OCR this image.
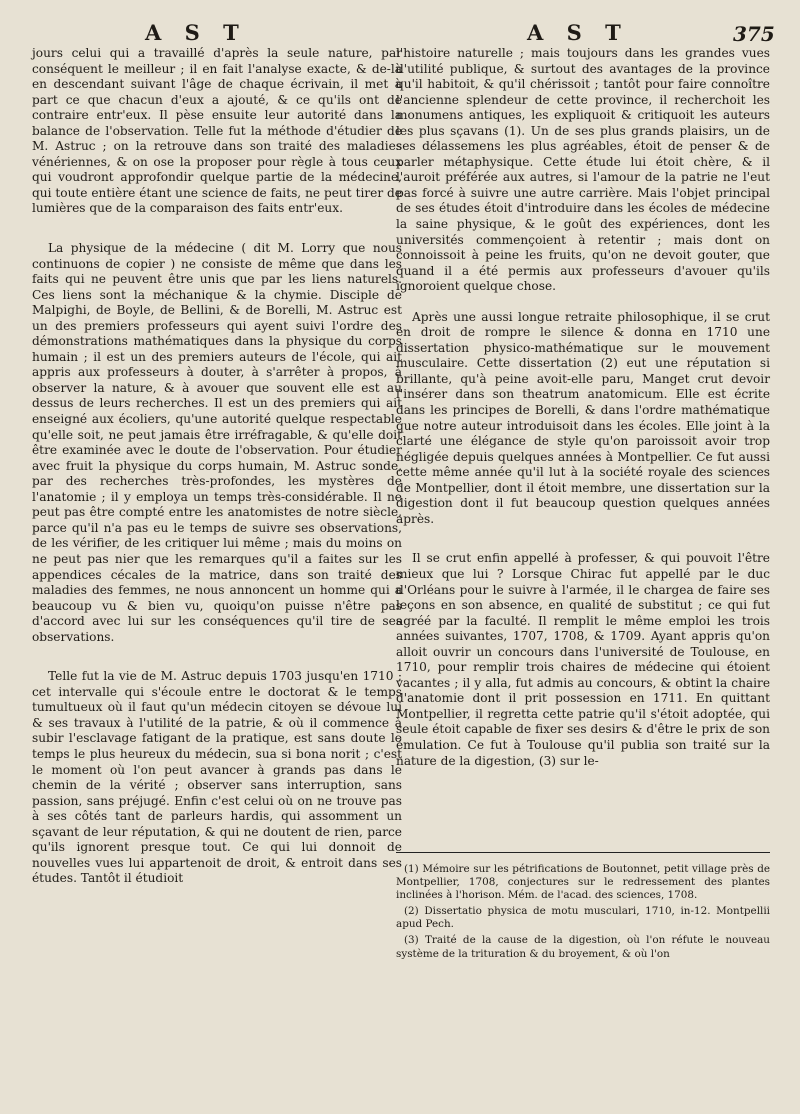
A S T	A S T	375

jours celui qui a travaillé d'après la seule nature, par conséquent le meilleur ; il en fait l'analyse exacte, & de-là en descendant suivant l'âge de chaque écrivain, il met à part ce que chacun d'eux a ajouté, & ce qu'ils ont de contraire entr'eux. Il pèse ensuite leur autorité dans la balance de l'observation. Telle fut la méthode d'étudier de M. Astruc ; on la retrouve dans son traité des maladies vénériennes, & on ose la proposer pour règle à tous ceux qui voudront approfondir quelque partie de la médecine, qui toute entière étant une science de faits, ne peut tirer de lumières que de la comparaison des faits entr'eux.

La physique de la médecine ( dit M. Lorry que nous continuons de copier ) ne consiste de même que dans les faits qui ne peuvent être unis que par les liens naturels. Ces liens sont la méchanique & la chymie. Disciple de Malpighi, de Boyle, de Bellini, & de Borelli, M. Astruc est un des premiers professeurs qui ayent suivi l'ordre des démonstrations mathématiques dans la physique du corps humain ; il est un des premiers auteurs de l'école, qui ait appris aux professeurs à douter, à s'arrêter à propos, à observer la nature, & à avouer que souvent elle est au dessus de leurs recherches. Il est un des premiers qui ait enseigné aux écoliers, qu'une autorité quelque respectable qu'elle soit, ne peut jamais être irréfragable, & qu'elle doit être examinée avec le doute de l'observation. Pour étudier avec fruit la physique du corps humain, M. Astruc sonde, par des recherches très-profondes, les mystères de l'anatomie ; il y employa un temps très-considérable. Il ne peut pas être compté entre les anatomistes de notre siècle, parce qu'il n'a pas eu le temps de suivre ses observations, de les vérifier, de les critiquer lui même ; mais du moins on ne peut pas nier que les remarques qu'il a faites sur les appendices cécales de la matrice, dans son traité des maladies des femmes, ne nous annoncent un homme qui a beaucoup vu & bien vu, quoiqu'on puisse n'être pas d'accord avec lui sur les conséquences qu'il tire de ses observations.

Telle fut la vie de M. Astruc depuis 1703 jusqu'en 1710 ; cet intervalle qui s'écoule entre le doctorat & le temps tumultueux où il faut qu'un médecin citoyen se dévoue lui & ses travaux à l'utilité de la patrie, & où il commence à subir l'esclavage fatigant de la pratique, est sans doute le temps le plus heureux du médecin, sua si bona norit ; c'est le moment où l'on peut avancer à grands pas dans le chemin de la vérité ; observer sans interruption, sans passion, sans préjugé. Enfin c'est celui où on ne trouve pas à ses côtés tant de parleurs hardis, qui assomment un sçavant de leur réputation, & qui ne doutent de rien, parce qu'ils ignorent presque tout. Ce qui lui donnoit de nouvelles vues lui appartenoit de droit, & entroit dans ses études. Tantôt il étudioit

l'histoire naturelle ; mais toujours dans les grandes vues d'utilité publique, & surtout des avantages de la province qu'il habitoit, & qu'il chérissoit ; tantôt pour faire connoître l'ancienne splendeur de cette province, il recherchoit les monumens antiques, les expliquoit & critiquoit les auteurs les plus sçavans (1). Un de ses plus grands plaisirs, un de ses délassemens les plus agréables, étoit de penser & de parler métaphysique. Cette étude lui étoit chère, & il l'auroit préférée aux autres, si l'amour de la patrie ne l'eut pas forcé à suivre une autre carrière. Mais l'objet principal de ses études étoit d'introduire dans les écoles de médecine la saine physique, & le goût des expériences, dont les universités commençoient à retentir ; mais dont on connoissoit à peine les fruits, qu'on ne devoit gouter, que quand il a été permis aux professeurs d'avouer qu'ils ignoroient quelque chose.

Après une aussi longue retraite philosophique, il se crut en droit de rompre le silence & donna en 1710 une dissertation physico-mathématique sur le mouvement musculaire. Cette dissertation (2) eut une réputation si brillante, qu'à peine avoit-elle paru, Manget crut devoir l'insérer dans son theatrum anatomicum. Elle est écrite dans les principes de Borelli, & dans l'ordre mathématique que notre auteur introduisoit dans les écoles. Elle joint à la clarté une élégance de style qu'on paroissoit avoir trop négligée depuis quelques années à Montpellier. Ce fut aussi cette même année qu'il lut à la société royale des sciences de Montpellier, dont il étoit membre, une dissertation sur la digestion dont il fut beaucoup question quelques années après.

Il se crut enfin appellé à professer, & qui pouvoit l'être mieux que lui ? Lorsque Chirac fut appellé par le duc d'Orléans pour le suivre à l'armée, il le chargea de faire ses leçons en son absence, en qualité de substitut ; ce qui fut agréé par la faculté. Il remplit le même emploi les trois années suivantes, 1707, 1708, & 1709. Ayant appris qu'on alloit ouvrir un concours dans l'université de Toulouse, en 1710, pour remplir trois chaires de médecine qui étoient vacantes ; il y alla, fut admis au concours, & obtint la chaire d'anatomie dont il prit possession en 1711. En quittant Montpellier, il regretta cette patrie qu'il s'étoit adoptée, qui seule étoit capable de fixer ses desirs & d'être le prix de son émulation. Ce fut à Toulouse qu'il publia son traité sur la nature de la digestion, (3) sur le-

(1) Mémoire sur les pétrifications de Boutonnet, petit village près de Montpellier, 1708, conjectures sur le redressement des plantes inclinées à l'horison. Mém. de l'acad. des sciences, 1708.

(2) Dissertatio physica de motu musculari, 1710, in-12. Montpellii apud Pech.

(3) Traité de la cause de la digestion, où l'on réfute le nouveau système de la trituration & du broyement, & où l'on
